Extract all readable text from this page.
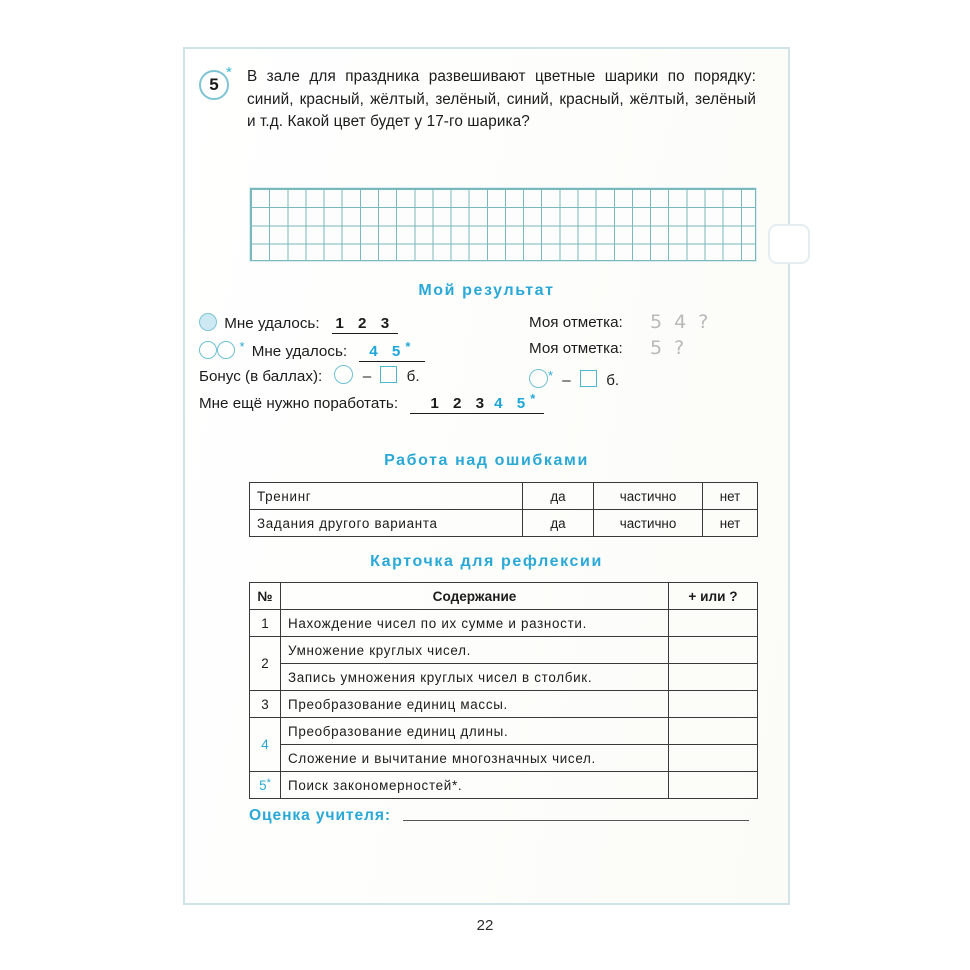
5
* В зале для праздника развешивают цветные шарики по порядку: синий, красный, жёлтый, зелёный, синий, красный, жёлтый, зелёный и т.д. Какой цвет будет у 17-го шарика?
Мой результат
Мне удалось: 1 2 3	Моя отметка: 5 4 ?
* Мне удалось: 4 5*	Моя отметка: 5 ?
Бонус (в баллах):	– б.	* – б.
Мне ещё нужно поработать: 1 2 3 4 5*
Работа над ошибками
Тренинг	да	частично	нет
Задания другого варианта	да	частично	нет
Карточка для рефлексии
№	Содержание	+ или ?
1	Нахождение чисел по их сумме и разности.	
2	Умножение круглых чисел.	
	Запись умножения круглых чисел в столбик.	
3	Преобразование единиц массы.	
4	Преобразование единиц длины.	
	Сложение и вычитание многозначных чисел.	
5*	Поиск закономерностей*.	
Оценка учителя:
22
